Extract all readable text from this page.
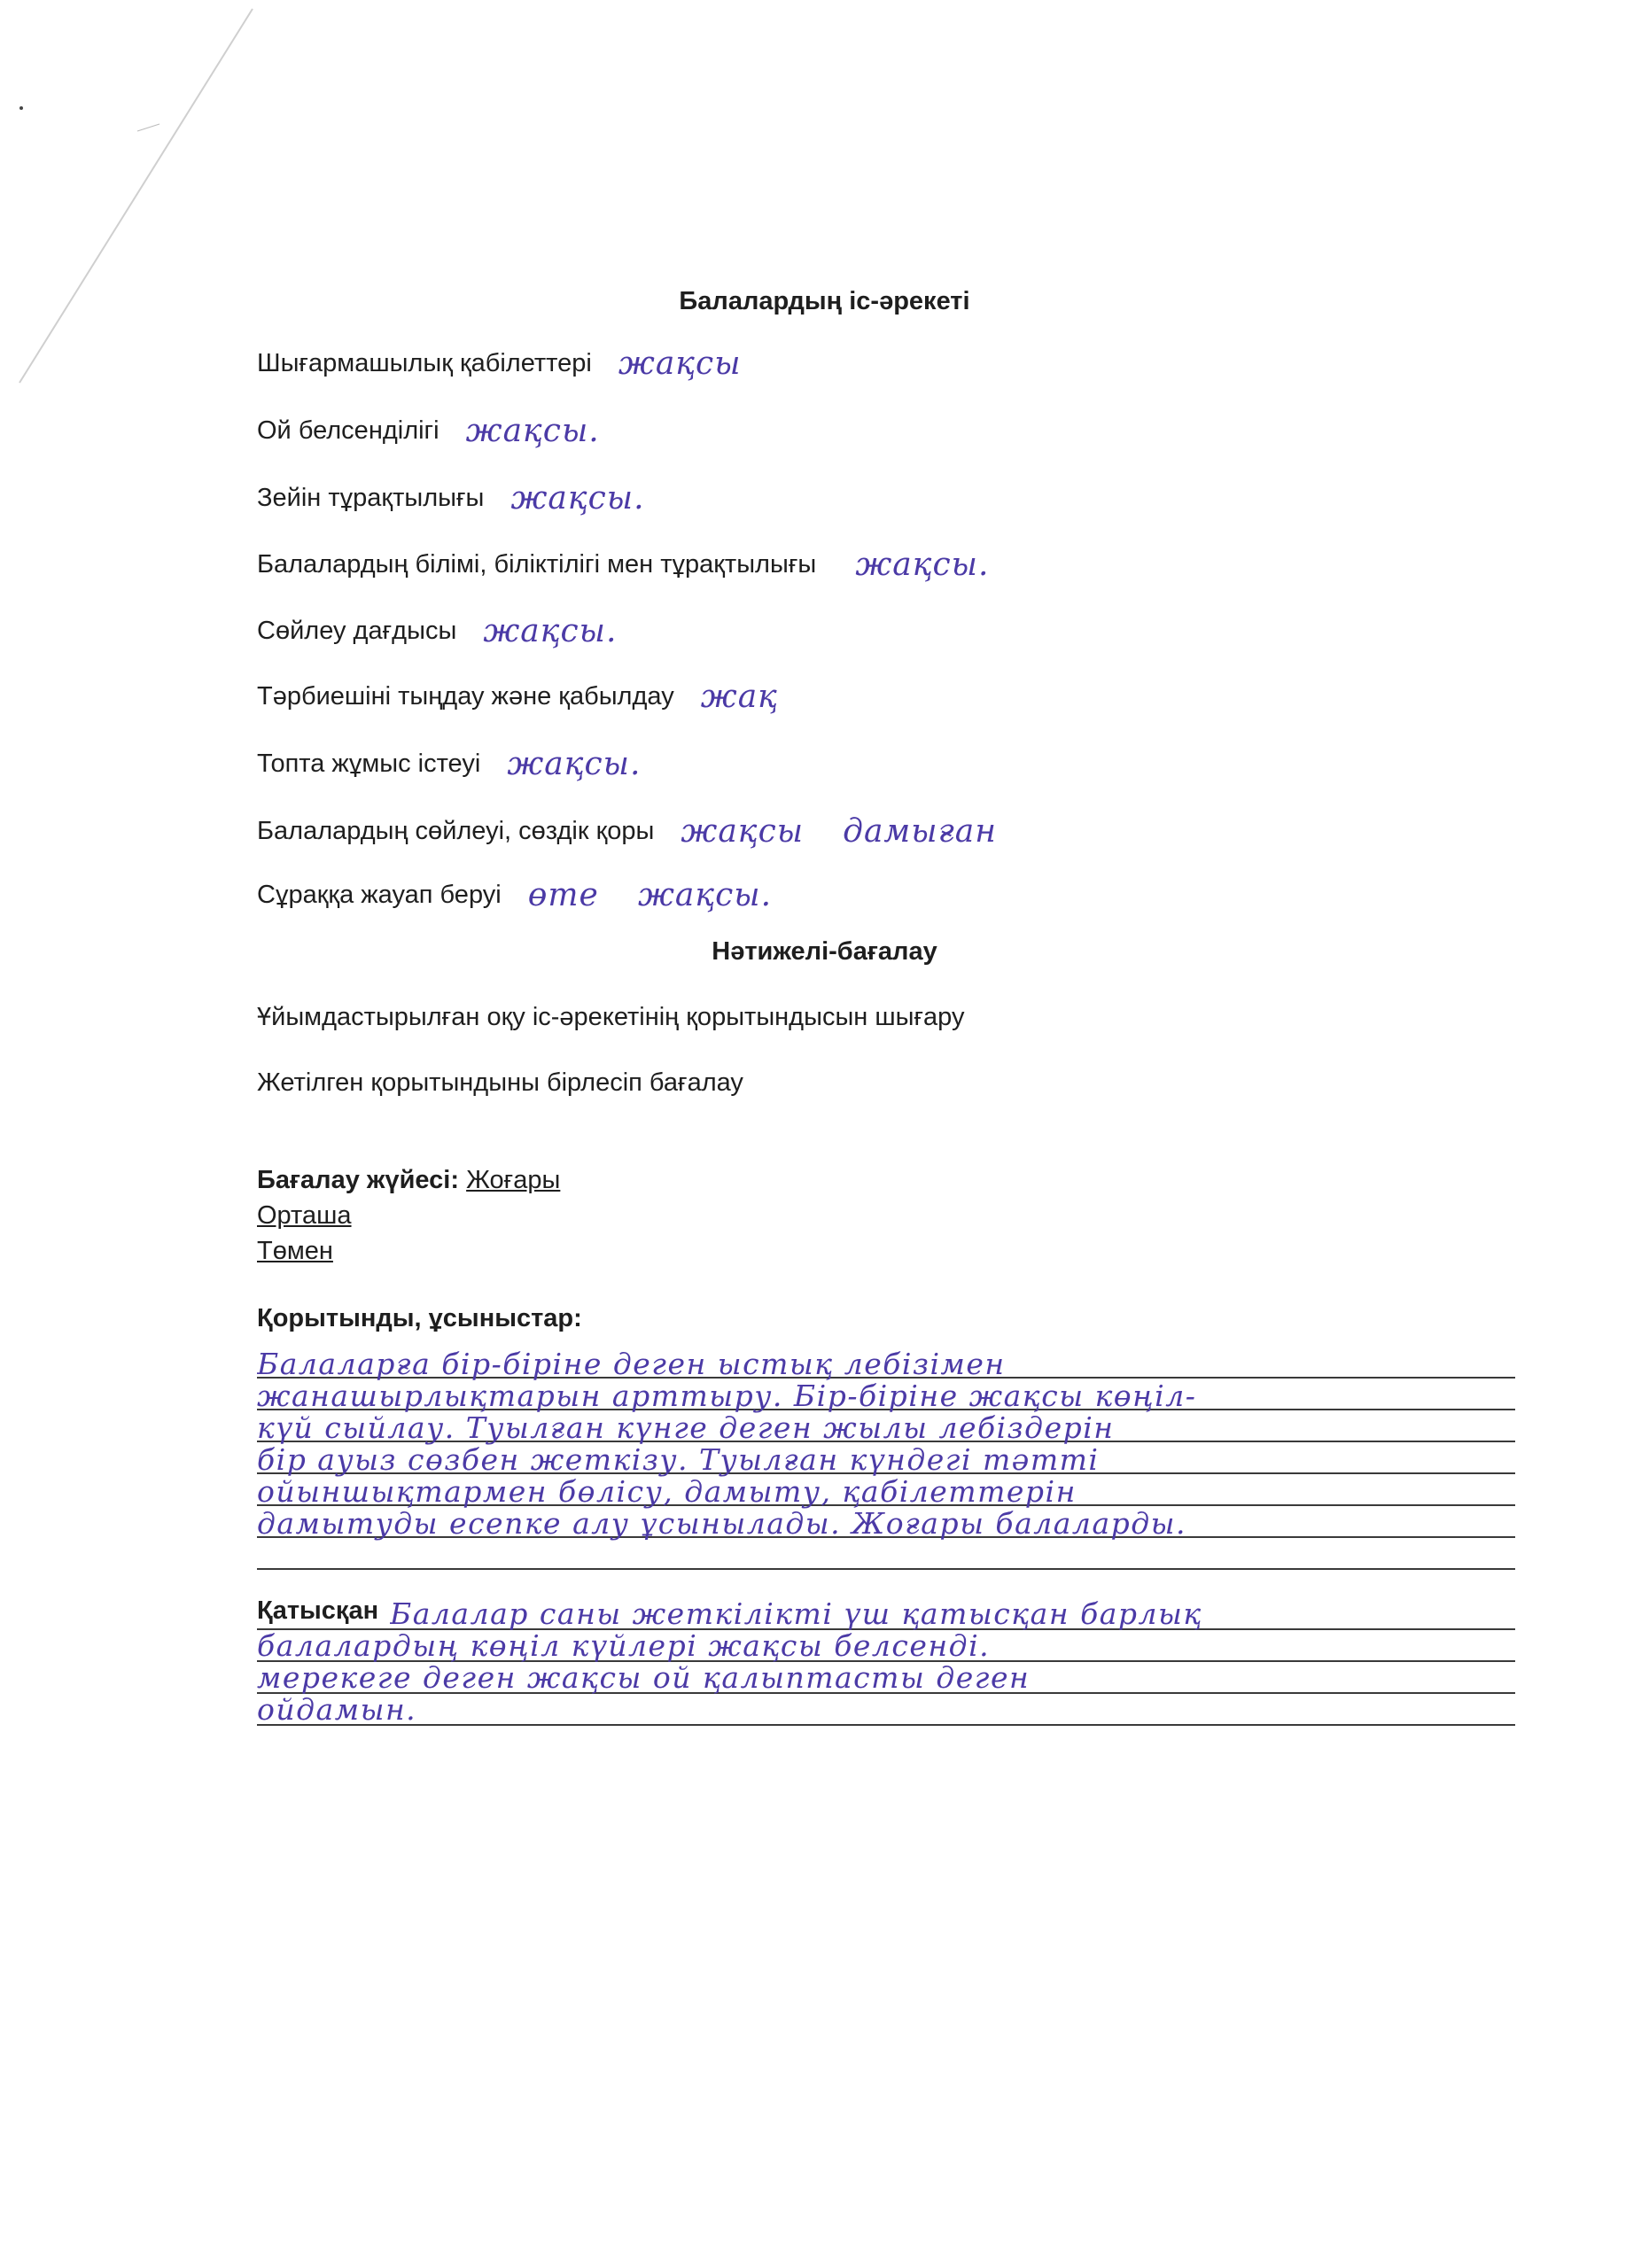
Балалардың іс-әрекеті
Шығармашылық қабілеттері жақсы
Ой белсенділігі жақсы.
Зейін тұрақтылығы жақсы.
Балалардың білімі, біліктілігі мен тұрақтылығы жақсы.
Сөйлеу дағдысы жақсы.
Тәрбиешіні тыңдау және қабылдау жақ
Топта жұмыс істеуі жақсы.
Балалардың сөйлеуі, сөздік қоры жақсы дамыған
Сұраққа жауап беруі өте жақсы.
Нәтижелі-бағалау
Ұйымдастырылған оқу іс-әрекетінің қорытындысын шығару
Жетілген қорытындыны бірлесіп бағалау
Бағалау жүйесі: Жоғары
Орташа
Төмен
Қорытынды, ұсыныстар:
Балаларға бір-біріне деген ыстық лебізімен
жанашырлықтарын арттыру. Бір-біріне жақсы көңіл-
күй сыйлау. Туылған күнге деген жылы лебіздерін
бір ауыз сөзбен жеткізу. Туылған күндегі тәтті
ойыншықтармен бөлісу, дамыту, қабілеттерін
дамытуды есепке алу ұсынылады. Жоғары балаларды.
Қатысқан Балалар саны жеткілікті үш қатысқан барлық
балалардың көңіл күйлері жақсы белсенді.
мерекеге деген жақсы ой қалыптасты деген
ойдамын.
